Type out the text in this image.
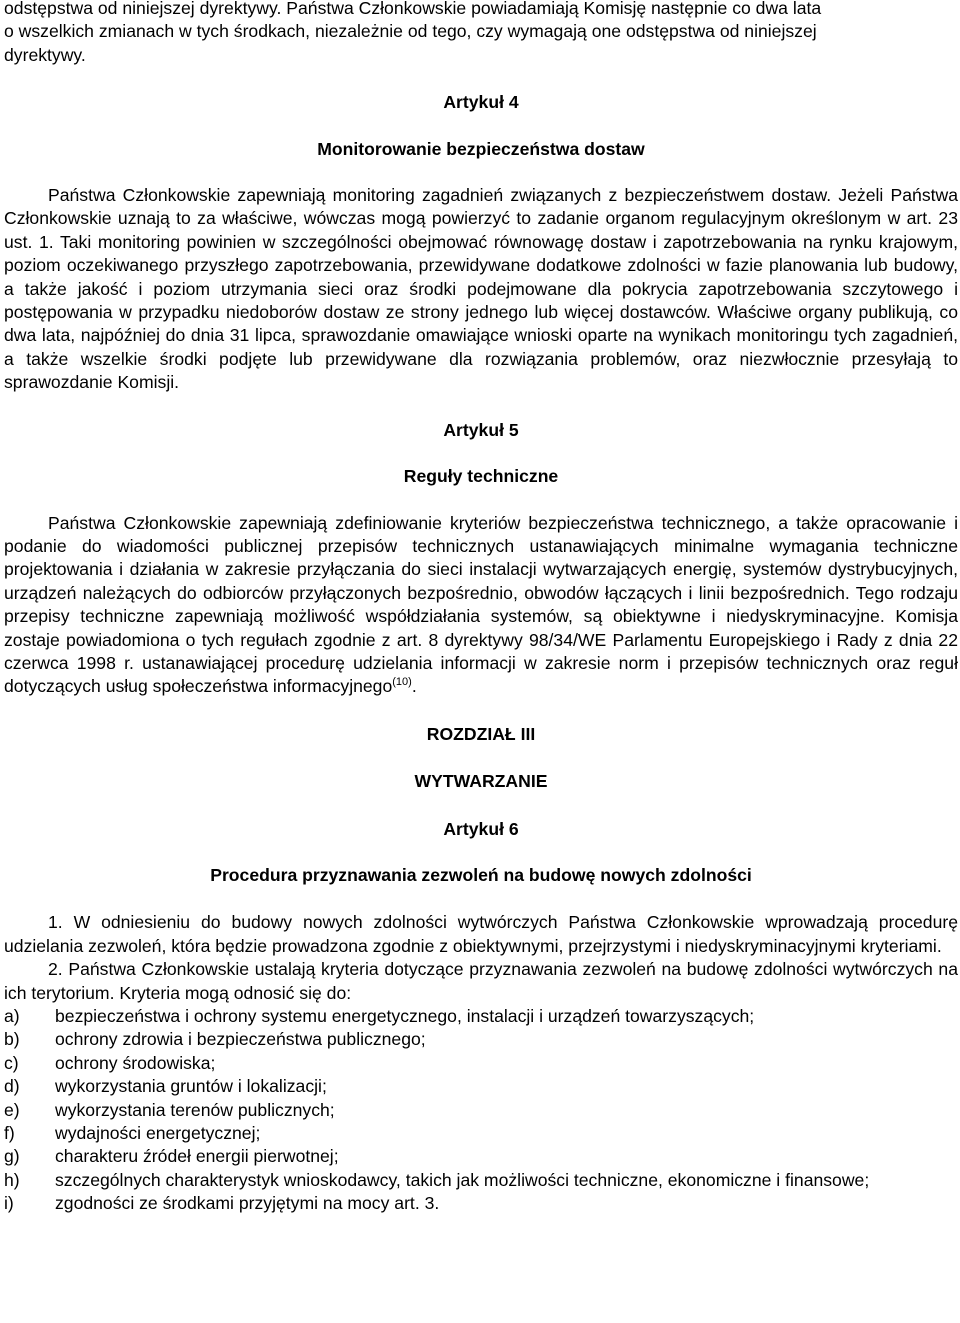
odstępstwa od niniejszej dyrektywy. Państwa Członkowskie powiadamiają Komisję następnie co dwa lata
o wszelkich zmianach w tych środkach, niezależnie od tego, czy wymagają one odstępstwa od niniejszej
dyrektywy.

Artykuł 4

Monitorowanie bezpieczeństwa dostaw

Państwa Członkowskie zapewniają monitoring zagadnień związanych z bezpieczeństwem dostaw. Jeżeli Państwa Członkowskie uznają to za właściwe, wówczas mogą powierzyć to zadanie organom regulacyjnym określonym w art. 23 ust. 1. Taki monitoring powinien w szczególności obejmować równowagę dostaw i zapotrzebowania na rynku krajowym, poziom oczekiwanego przyszłego zapotrzebowania, przewidywane dodatkowe zdolności w fazie planowania lub budowy, a także jakość i poziom utrzymania sieci oraz środki podejmowane dla pokrycia zapotrzebowania szczytowego i postępowania w przypadku niedoborów dostaw ze strony jednego lub więcej dostawców. Właściwe organy publikują, co dwa lata, najpóźniej do dnia 31 lipca, sprawozdanie omawiające wnioski oparte na wynikach monitoringu tych zagadnień, a także wszelkie środki podjęte lub przewidywane dla rozwiązania problemów, oraz niezwłocznie przesyłają to sprawozdanie Komisji.

Artykuł 5

Reguły techniczne

Państwa Członkowskie zapewniają zdefiniowanie kryteriów bezpieczeństwa technicznego, a także opracowanie i podanie do wiadomości publicznej przepisów technicznych ustanawiających minimalne wymagania techniczne projektowania i działania w zakresie przyłączania do sieci instalacji wytwarzających energię, systemów dystrybucyjnych, urządzeń należących do odbiorców przyłączonych bezpośrednio, obwodów łączących i linii bezpośrednich. Tego rodzaju przepisy techniczne zapewniają możliwość współdziałania systemów, są obiektywne i niedyskryminacyjne. Komisja zostaje powiadomiona o tych regułach zgodnie z art. 8 dyrektywy 98/34/WE Parlamentu Europejskiego i Rady z dnia 22 czerwca 1998 r. ustanawiającej procedurę udzielania informacji w zakresie norm i przepisów technicznych oraz reguł dotyczących usług społeczeństwa informacyjnego$^{(10)}$.

ROZDZIAŁ III

WYTWARZANIE

Artykuł 6

Procedura przyznawania zezwoleń na budowę nowych zdolności

1. W odniesieniu do budowy nowych zdolności wytwórczych Państwa Członkowskie wprowadzają procedurę udzielania zezwoleń, która będzie prowadzona zgodnie z obiektywnymi, przejrzystymi i niedyskryminacyjnymi kryteriami.

2. Państwa Członkowskie ustalają kryteria dotyczące przyznawania zezwoleń na budowę zdolności wytwórczych na ich terytorium. Kryteria mogą odnosić się do:

a)	bezpieczeństwa i ochrony systemu energetycznego, instalacji i urządzeń towarzyszących;
b)	ochrony zdrowia i bezpieczeństwa publicznego;
c)	ochrony środowiska;
d)	wykorzystania gruntów i lokalizacji;
e)	wykorzystania terenów publicznych;
f)	wydajności energetycznej;
g)	charakteru źródeł energii pierwotnej;
h)	szczególnych charakterystyk wnioskodawcy, takich jak możliwości techniczne, ekonomiczne i finansowe;
i)	zgodności ze środkami przyjętymi na mocy art. 3.
